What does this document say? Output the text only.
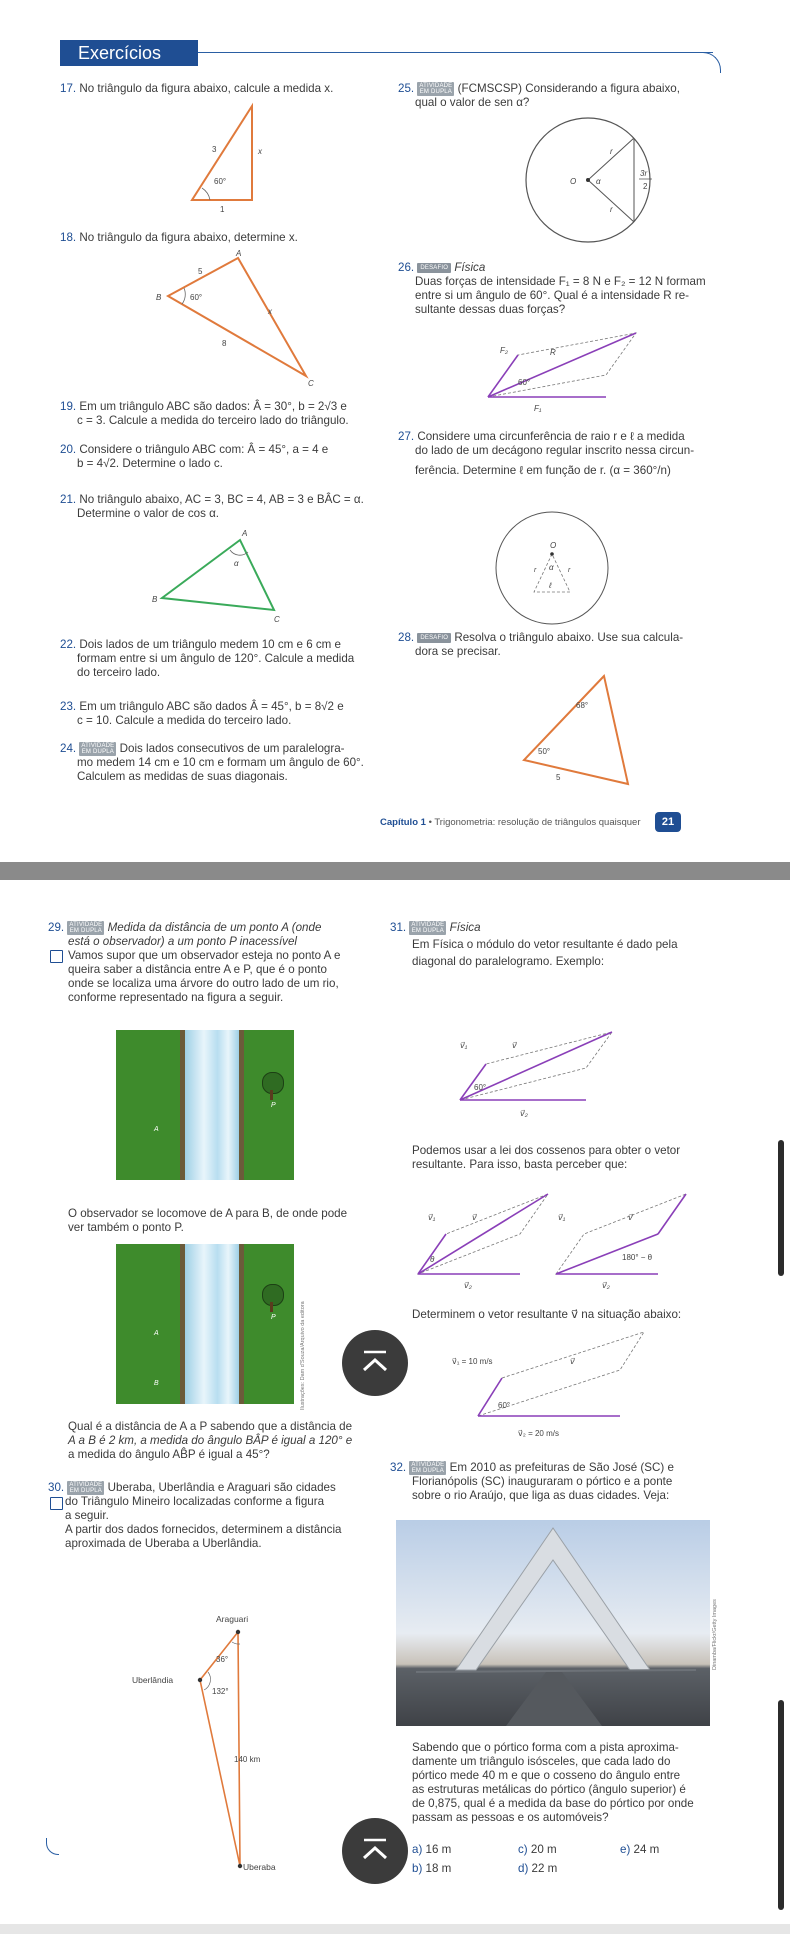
Exercícios
17. No triângulo da figura abaixo, calcule a medida x.
60°
3	x
1
18. No triângulo da figura abaixo, determine x.
60°
A
B
C
5
x
8
19. Em um triângulo ABC são dados: Â = 30°, b = 2√3 e
c = 3. Calcule a medida do terceiro lado do triângulo.
20. Considere o triângulo ABC com: Â = 45°, a = 4 e
b = 4√2. Determine o lado c.
21. No triângulo abaixo, AC = 3, BC = 4, AB = 3 e BÂC = α.
Determine o valor de cos α.
α
A
B
C
22. Dois lados de um triângulo medem 10 cm e 6 cm e
formam entre si um ângulo de 120°. Calcule a medida
do terceiro lado.
23. Em um triângulo ABC são dados Â = 45°, b = 8√2 e
c = 10. Calcule a medida do terceiro lado.
24. ATIVIDADE
EM DUPLA Dois lados consecutivos de um paralelogra-
mo medem 14 cm e 10 cm e formam um ângulo de 60°.
Calculem as medidas de suas diagonais.
25. ATIVIDADE
EM DUPLA (FCMSCSP) Considerando a figura abaixo,
qual o valor de sen α?
O α
r
r
3r
2
26. DESAFIO Física
Duas forças de intensidade F₁ = 8 N e F₂ = 12 N formam
entre si um ângulo de 60°. Qual é a intensidade R re-
sultante dessas duas forças?
F₂	R
60°
F₁
27. Considere uma circunferência de raio r e ℓ a medida
do lado de um decágono regular inscrito nessa circun-
ferência. Determine ℓ em função de r. (α = 360°/n)
O
α
r	r
ℓ
28. DESAFIO Resolva o triângulo abaixo. Use sua calcula-
dora se precisar.
68°
50°
5
Capítulo 1 • Trigonometria: resolução de triângulos quaisquer	21
29. ATIVIDADE
EM DUPLA Medida da distância de um ponto A (onde
está o observador) a um ponto P inacessível
Vamos supor que um observador esteja no ponto A e
queira saber a distância entre A e P, que é o ponto
onde se localiza uma árvore do outro lado de um rio,
conforme representado na figura a seguir.
P
A
O observador se locomove de A para B, de onde pode
ver também o ponto P.
P
A
B	Ilustrações: Dam d'Souza/Arquivo da editora
Qual é a distância de A a P sabendo que a distância de
A a B é 2 km, a medida do ângulo BÂP é igual a 120° e
a medida do ângulo AB̂P é igual a 45°?
30. ATIVIDADE
EM DUPLA Uberaba, Uberlândia e Araguari são cidades
do Triângulo Mineiro localizadas conforme a figura
a seguir.
A partir dos dados fornecidos, determinem a distância
aproximada de Uberaba a Uberlândia.
Araguari
Uberlândia
Uberaba
36°
132°
140 km
31. ATIVIDADE
EM DUPLA Física
Em Física o módulo do vetor resultante é dado pela
diagonal do paralelogramo. Exemplo:
v⃗₁	v⃗
60°
v⃗₂
Podemos usar a lei dos cossenos para obter o vetor
resultante. Para isso, basta perceber que:
v⃗₁	v⃗
θ
v⃗₂
v⃗₁	v⃗
180° − θ
v⃗₂
Determinem o vetor resultante v⃗ na situação abaixo:
v⃗₁ = 10 m/s	v⃗
60°
v⃗₂ = 20 m/s
32. ATIVIDADE
EM DUPLA Em 2010 as prefeituras de São José (SC) e
Florianópolis (SC) inauguraram o pórtico e a ponte
sobre o rio Araújo, que liga as duas cidades. Veja:
Dinamba/Flickr/Getty Images
Sabendo que o pórtico forma com a pista aproxima-
damente um triângulo isósceles, que cada lado do
pórtico mede 40 m e que o cosseno do ângulo entre
as estruturas metálicas do pórtico (ângulo superior) é
de 0,875, qual é a medida da base do pórtico por onde
passam as pessoas e os automóveis?
a) 16 m
b) 18 m
c) 20 m
d) 22 m
e) 24 m
